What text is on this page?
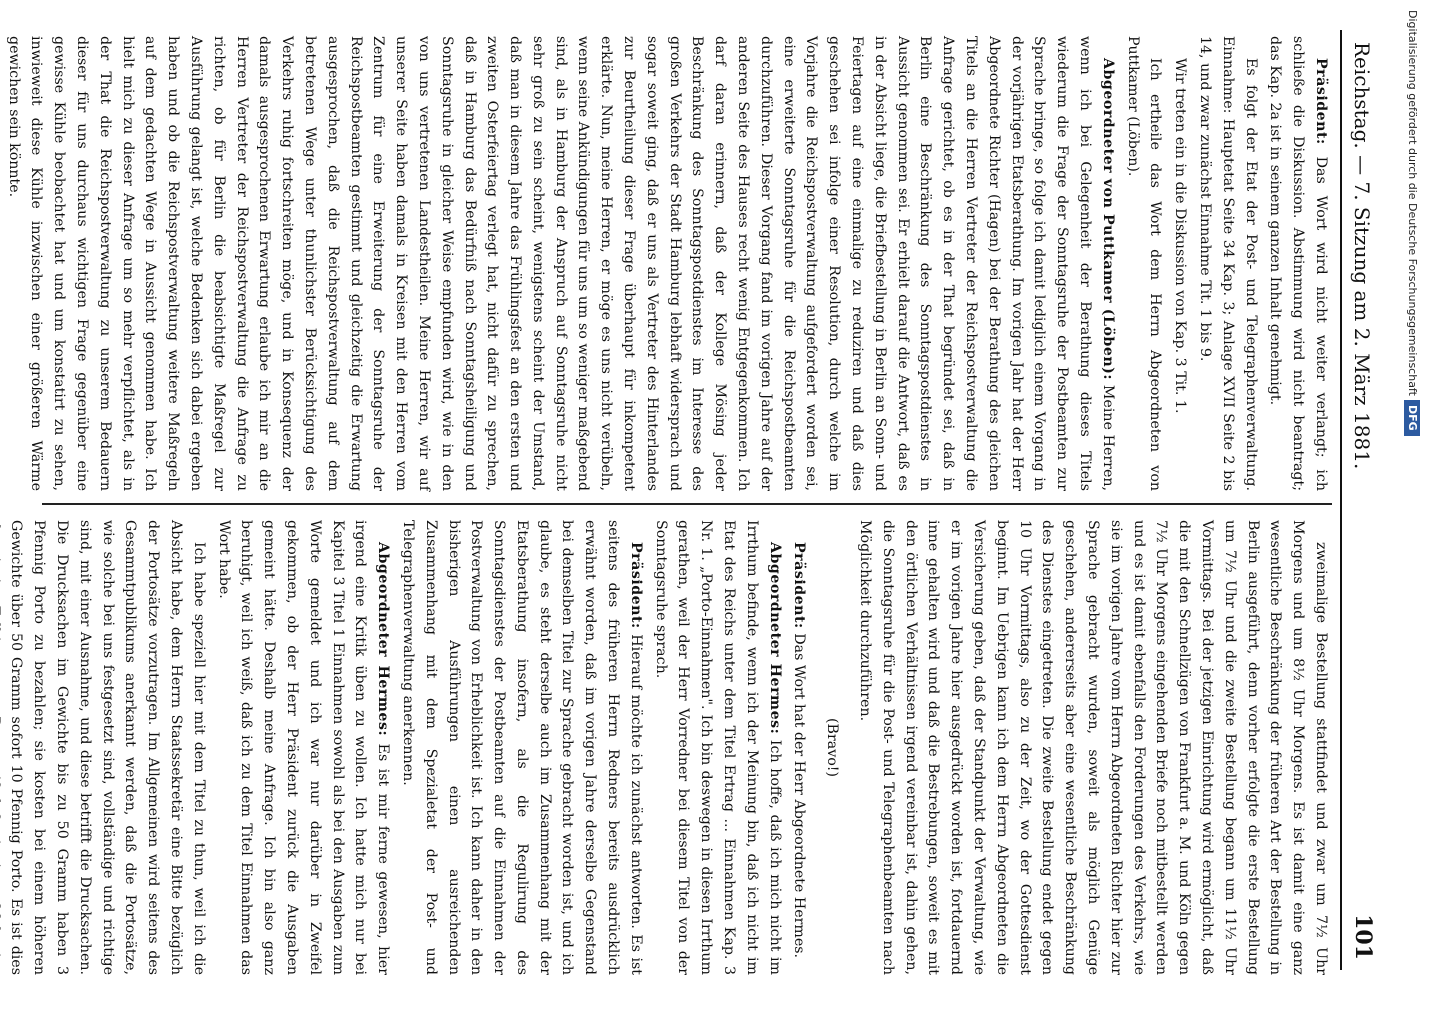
Reichstag. — 7. Sitzung am 2. März 1881.
101

Präsident: Das Wort wird nicht weiter verlangt; ich schließe die Diskussion. Abstimmung wird nicht beantragt; das Kap. 2a ist in seinem ganzen Inhalt genehmigt.

Es folgt der Etat der Post- und Telegraphenverwaltung. Einnahme: Hauptetat Seite 34 Kap. 3; Anlage XVII Seite 2 bis 14, und zwar zunächst Einnahme Tit. 1 bis 9.

Wir treten ein in die Diskussion von Kap. 3 Tit. 1.

Ich ertheile das Wort dem Herrn Abgeordneten von Puttkamer (Löben).

Abgeordneter von Puttkamer (Löben): Meine Herren, wenn ich bei Gelegenheit der Berathung dieses Titels wiederum die Frage der Sonntagsruhe der Postbeamten zur Sprache bringe, so folge ich damit lediglich einem Vorgang in der vorjährigen Etatsberathung. Im vorigen Jahr hat der Herr Abgeordnete Richter (Hagen) bei der Berathung des gleichen Titels an die Herren Vertreter der Reichspostverwaltung die Anfrage gerichtet, ob es in der That begründet sei, daß in Berlin eine Beschränkung des Sonntagspostdienstes in Aussicht genommen sei. Er erhielt darauf die Antwort, daß es in der Absicht liege, die Briefbestellung in Berlin an Sonn- und Feiertagen auf eine einmalige zu reduziren und daß dies geschehen sei infolge einer Resolution, durch welche im Vorjahre die Reichspostverwaltung aufgefordert worden sei, eine erweiterte Sonntagsruhe für die Reichspostbeamten durchzuführen. Dieser Vorgang fand im vorigen Jahre auf der anderen Seite des Hauses recht wenig Entgegenkommen. Ich darf daran erinnern, daß der Kollege Mösing jeder Beschränkung des Sonntagspostdienstes im Interesse des großen Verkehrs der Stadt Hamburg lebhaft widersprach und sogar soweit ging, daß er uns als Vertreter des Hinterlandes zur Beurtheilung dieser Frage überhaupt für inkompetent erklärte. Nun, meine Herren, er möge es uns nicht verübeln, wenn seine Ankündigungen für uns um so weniger maßgebend sind, als in Hamburg der Anspruch auf Sonntagsruhe nicht sehr groß zu sein scheint, wenigstens scheint der Umstand, daß man in diesem Jahre das Frühlingsfest an den ersten und zweiten Osterfeiertag verlegt hat, nicht dafür zu sprechen, daß in Hamburg das Bedürfniß nach Sonntagsheiligung und Sonntagsruhe in gleicher Weise empfunden wird, wie in den von uns vertretenen Landestheilen. Meine Herren, wir auf unserer Seite haben damals in Kreisen mit den Herren vom Zentrum für eine Erweiterung der Sonntagsruhe der Reichspostbeamten gestimmt und gleichzeitig die Erwartung ausgesprochen, daß die Reichspostverwaltung auf dem betretenen Wege unter thunlichster Berücksichtigung des Verkehrs ruhig fortschreiten möge, und in Konsequenz der damals ausgesprochenen Erwartung erlaube ich mir an die Herren Vertreter der Reichspostverwaltung die Anfrage zu richten, ob für Berlin die beabsichtigte Maßregel zur Ausführung gelangt ist, welche Bedenken sich dabei ergeben haben und ob die Reichspostverwaltung weitere Maßregeln auf dem gedachten Wege in Aussicht genommen habe. Ich hielt mich zu dieser Anfrage um so mehr verpflichtet, als in der That die Reichspostverwaltung zu unserem Bedauern dieser für uns durchaus wichtigen Frage gegenüber eine gewisse Kühle beobachtet hat und um konstatirt zu sehen, inwieweit diese Kühle inzwischen einer größeren Wärme gewichen sein könnte.

zweimalige Bestellung stattfindet und zwar um 7½ Uhr Morgens und um 8½ Uhr Morgens. Es ist damit eine ganz wesentliche Beschränkung der früheren Art der Bestellung in Berlin ausgeführt, denn vorher erfolgte die erste Bestellung um 7½ Uhr und die zweite Bestellung begann um 11½ Uhr Vormittags. Bei der jetzigen Einrichtung wird ermöglicht, daß die mit den Schnellzügen von Frankfurt a. M. und Köln gegen 7½ Uhr Morgens eingehenden Briefe noch mitbestellt werden und es ist damit ebenfalls den Forderungen des Verkehrs, wie sie im vorigen Jahre vom Herrn Abgeordneten Richter hier zur Sprache gebracht wurden, soweit als möglich Genüge geschehen, andererseits aber eine wesentliche Beschränkung des Dienstes eingetreten. Die zweite Bestellung endet gegen 10 Uhr Vormittags, also zu der Zeit, wo der Gottesdienst beginnt. Im Uebrigen kann ich dem Herrn Abgeordneten die Versicherung geben, daß der Standpunkt der Verwaltung, wie er im vorigen Jahre hier ausgedrückt worden ist, fortdauernd inne gehalten wird und daß die Bestrebungen, soweit es mit den örtlichen Verhältnissen irgend vereinbar ist, dahin gehen, die Sonntagsruhe für die Post- und Telegraphenbeamten nach Möglichkeit durchzuführen.

(Bravo!)

Präsident: Das Wort hat der Herr Abgeordnete Hermes.

Abgeordneter Hermes: Ich hoffe, daß ich mich nicht im Irrthum befinde, wenn ich der Meinung bin, daß ich nicht im Etat des Reichs unter dem Titel Ertrag ... Einnahmen Kap. 3 Nr. 1. „Porto-Einnahmen". Ich bin deswegen in diesen Irrthum gerathen, weil der Herr Vorredner bei diesem Titel von der Sonntagsruhe sprach.

Präsident: Hierauf möchte ich zunächst antworten. Es ist seitens des früheren Herrn Redners bereits ausdrücklich erwähnt worden, daß im vorigen Jahre derselbe Gegenstand bei demselben Titel zur Sprache gebracht worden ist, und ich glaube, es steht derselbe auch im Zusammenhang mit der Etatsberathung insofern, als die Regulirung des Sonntagsdienstes der Postbeamten auf die Einnahmen der Postverwaltung von Erheblichkeit ist. Ich kann daher in den bisherigen Ausführungen einen ausreichenden Zusammenhang mit dem Spezialetat der Post- und Telegraphenverwaltung anerkennen.

Abgeordneter Hermes: Es ist mir ferne gewesen, hier irgend eine Kritik üben zu wollen. Ich hatte mich nur bei Kapitel 3 Titel 1 Einnahmen sowohl als bei den Ausgaben zum Worte gemeldet und ich war nur darüber in Zweifel gekommen, ob der Herr Präsident zurück die Ausgaben gemeint hätte. Deshalb meine Anfrage. Ich bin also ganz beruhigt, weil ich weiß, daß ich zu dem Titel Einnahmen das Wort habe.

Ich habe speziell hier mit dem Titel zu thun, weil ich die Absicht habe, dem Herrn Staatssekretär eine Bitte bezüglich der Portosätze vorzutragen. Im Allgemeinen wird seitens des Gesammtpublikums anerkannt werden, daß die Portosätze, wie solche bei uns festgesetzt sind, vollständige und richtige sind, mit einer Ausnahme, und diese betrifft die Drucksachen. Die Drucksachen im Gewichte bis zu 50 Gramm haben 3 Pfennig Porto zu bezahlen; sie kosten bei einem höheren Gewichte über 50 Gramm sofort 10 Pfennig Porto. Es ist dies

Digitalisierung gefördert durch die Deutsche ForschungsgemeinschaftDFG
